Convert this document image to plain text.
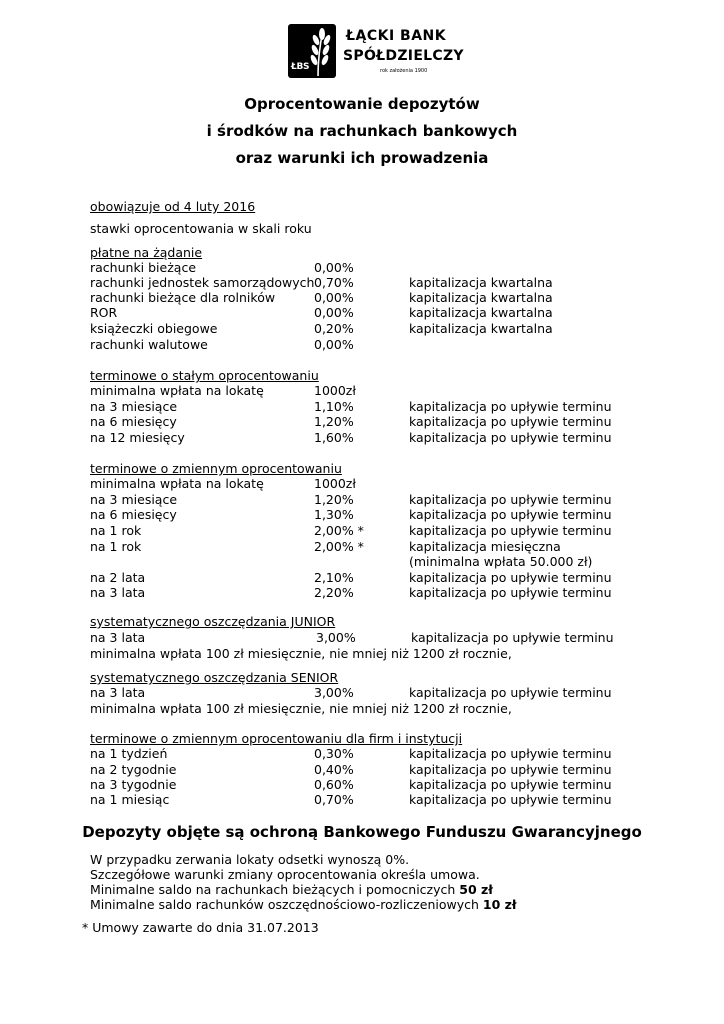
ŁBS
ŁĄCKI BANK
SPÓŁDZIELCZY
rok założenia 1900
Oprocentowanie depozytów
i środków na rachunkach bankowych
oraz warunki ich prowadzenia
obowiązuje od 4 luty 2016
stawki oprocentowania w skali roku
płatne na żądanie
rachunki bieżące	0,00%
rachunki jednostek samorządowych 0,70%	kapitalizacja kwartalna
rachunki bieżące dla rolników	0,00%	kapitalizacja kwartalna
ROR	0,00%	kapitalizacja kwartalna
książeczki obiegowe	0,20%	kapitalizacja kwartalna
rachunki walutowe	0,00%
terminowe o stałym oprocentowaniu
minimalna wpłata na lokatę	1000zł
na 3 miesiące	1,10%	kapitalizacja po upływie terminu
na 6 miesięcy	1,20%	kapitalizacja po upływie terminu
na 12 miesięcy	1,60%	kapitalizacja po upływie terminu
terminowe o zmiennym oprocentowaniu
minimalna wpłata na lokatę	1000zł
na 3 miesiące	1,20%	kapitalizacja po upływie terminu
na 6 miesięcy	1,30%	kapitalizacja po upływie terminu
na 1 rok	2,00% *	kapitalizacja po upływie terminu
na 1 rok	2,00% *	kapitalizacja miesięczna
(minimalna wpłata 50.000 zł)
na 2 lata	2,10%	kapitalizacja po upływie terminu
na 3 lata	2,20%	kapitalizacja po upływie terminu
systematycznego oszczędzania JUNIOR
na 3 lata	3,00%	kapitalizacja po upływie terminu
minimalna wpłata 100 zł miesięcznie, nie mniej niż 1200 zł rocznie,
systematycznego oszczędzania SENIOR
na 3 lata	3,00%	kapitalizacja po upływie terminu
minimalna wpłata 100 zł miesięcznie, nie mniej niż 1200 zł rocznie,
terminowe o zmiennym oprocentowaniu dla firm i instytucji
na 1 tydzień	0,30%	kapitalizacja po upływie terminu
na 2 tygodnie	0,40%	kapitalizacja po upływie terminu
na 3 tygodnie	0,60%	kapitalizacja po upływie terminu
na 1 miesiąc	0,70%	kapitalizacja po upływie terminu
Depozyty objęte są ochroną Bankowego Funduszu Gwarancyjnego
W przypadku zerwania lokaty odsetki wynoszą 0%.
Szczegółowe warunki zmiany oprocentowania określa umowa.
Minimalne saldo na rachunkach bieżących i pomocniczych 50 zł
Minimalne saldo rachunków oszczędnościowo-rozliczeniowych 10 zł
* Umowy zawarte do dnia 31.07.2013
